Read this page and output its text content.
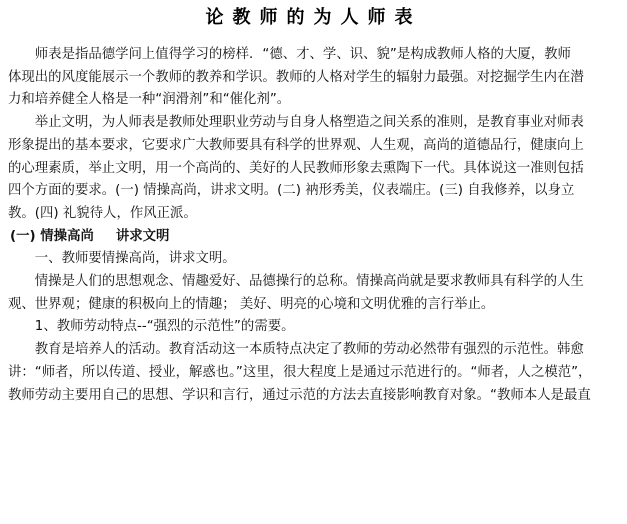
论教师的为人师表

师表是指品德学问上值得学习的榜样．“德、才、学、识、貌”是构成教师人格的大厦，教师
体现出的风度能展示一个教师的教养和学识。教师的人格对学生的辐射力最强。对挖掘学生内在潜
力和培养健全人格是一种“润滑剂”和“催化剂”。

举止文明，为人师表是教师处理职业劳动与自身人格塑造之间关系的准则，是教育事业对师表
形象提出的基本要求，它要求广大教师要具有科学的世界观、人生观，高尚的道德品行，健康向上
的心理素质，举止文明，用一个高尚的、美好的人民教师形象去熏陶下一代。具体说这一准则包括
四个方面的要求。(一) 情操高尚，讲求文明。(二) 衲形秀美，仪表端庄。(三) 自我修养，以身立
教。(四) 礼貌待人，作风正派。

(一) 情操高尚 讲求文明

一、教师要情操高尚，讲求文明。

情操是人们的思想观念、情趣爱好、品德操行的总称。情操高尚就是要求教师具有科学的人生
观、世界观；健康的积极向上的情趣； 美好、明亮的心境和文明优雅的言行举止。

1、教师劳动特点--“强烈的示范性”的需要。

教育是培养人的活动。教育活动这一本质特点决定了教师的劳动必然带有强烈的示范性。韩愈
讲：“师者，所以传道、授业，解惑也。”这里，很大程度上是通过示范进行的。“师者，人之模范”，
教师劳动主要用自己的思想、学识和言行，通过示范的方法去直接影响教育对象。“教师本人是最直
